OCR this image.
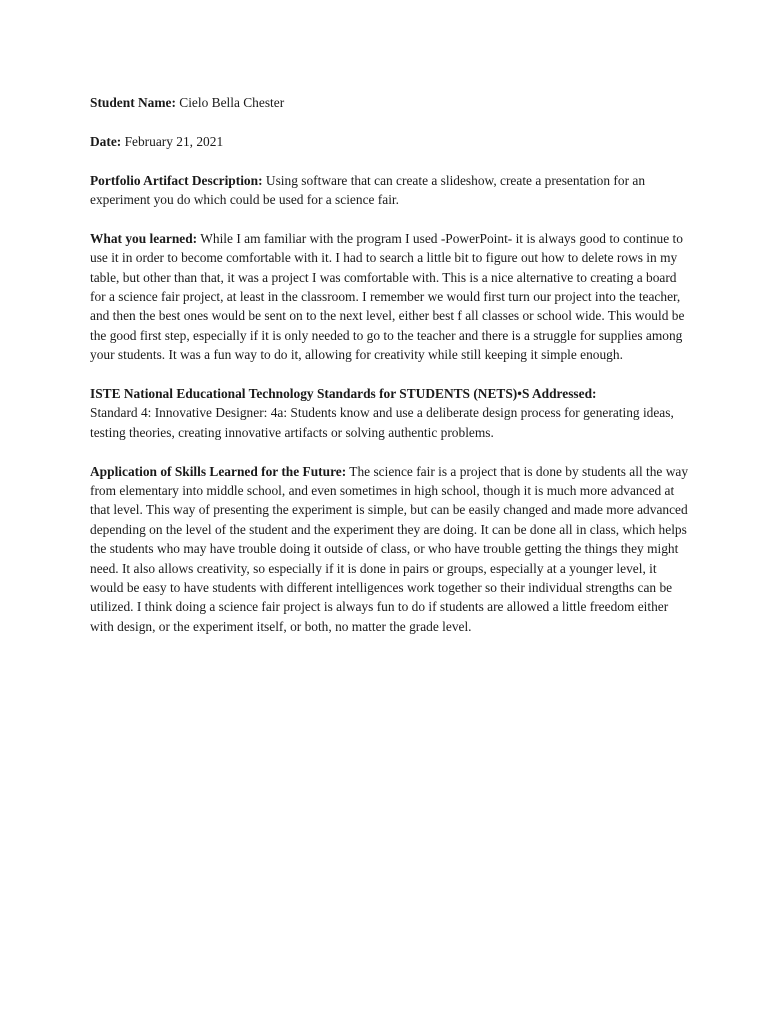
Student Name: Cielo Bella Chester

Date: February 21, 2021

Portfolio Artifact Description: Using software that can create a slideshow, create a presentation for an experiment you do which could be used for a science fair.

What you learned: While I am familiar with the program I used -PowerPoint- it is always good to continue to use it in order to become comfortable with it. I had to search a little bit to figure out how to delete rows in my table, but other than that, it was a project I was comfortable with. This is a nice alternative to creating a board for a science fair project, at least in the classroom. I remember we would first turn our project into the teacher, and then the best ones would be sent on to the next level, either best f all classes or school wide. This would be the good first step, especially if it is only needed to go to the teacher and there is a struggle for supplies among your students. It was a fun way to do it, allowing for creativity while still keeping it simple enough.

ISTE National Educational Technology Standards for STUDENTS (NETS)•S Addressed:
Standard 4: Innovative Designer: 4a: Students know and use a deliberate design process for generating ideas, testing theories, creating innovative artifacts or solving authentic problems.

Application of Skills Learned for the Future: The science fair is a project that is done by students all the way from elementary into middle school, and even sometimes in high school, though it is much more advanced at that level. This way of presenting the experiment is simple, but can be easily changed and made more advanced depending on the level of the student and the experiment they are doing. It can be done all in class, which helps the students who may have trouble doing it outside of class, or who have trouble getting the things they might need. It also allows creativity, so especially if it is done in pairs or groups, especially at a younger level, it would be easy to have students with different intelligences work together so their individual strengths can be utilized. I think doing a science fair project is always fun to do if students are allowed a little freedom either with design, or the experiment itself, or both, no matter the grade level.
